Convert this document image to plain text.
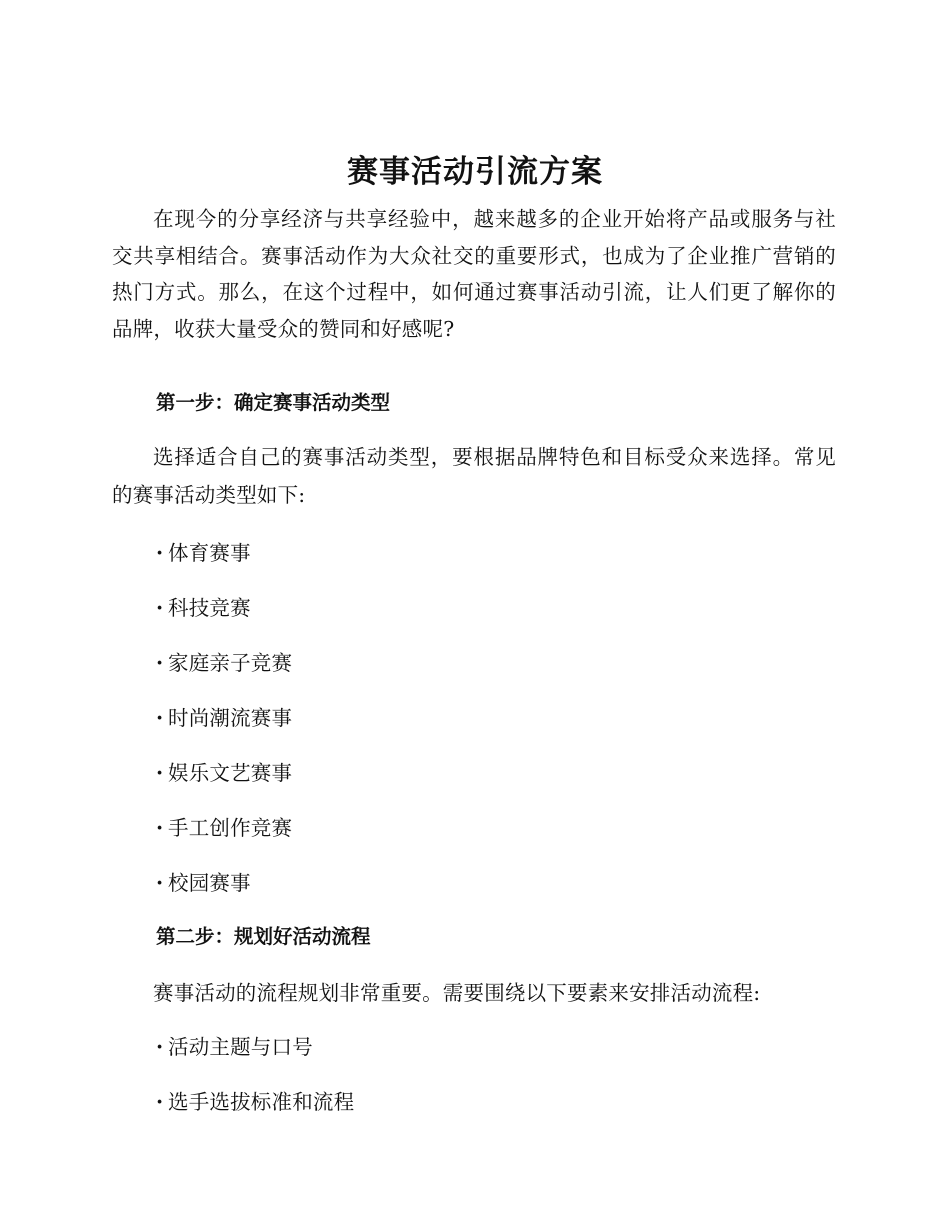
赛事活动引流方案

在现今的分享经济与共享经验中，越来越多的企业开始将产品或服务与社交共享相结合。赛事活动作为大众社交的重要形式，也成为了企业推广营销的热门方式。那么，在这个过程中，如何通过赛事活动引流，让人们更了解你的品牌，收获大量受众的赞同和好感呢?

第一步：确定赛事活动类型

选择适合自己的赛事活动类型，要根据品牌特色和目标受众来选择。常见的赛事活动类型如下:

· 体育赛事

· 科技竞赛

· 家庭亲子竞赛

· 时尚潮流赛事

· 娱乐文艺赛事

· 手工创作竞赛

· 校园赛事

第二步：规划好活动流程

赛事活动的流程规划非常重要。需要围绕以下要素来安排活动流程:

· 活动主题与口号

· 选手选拔标准和流程
